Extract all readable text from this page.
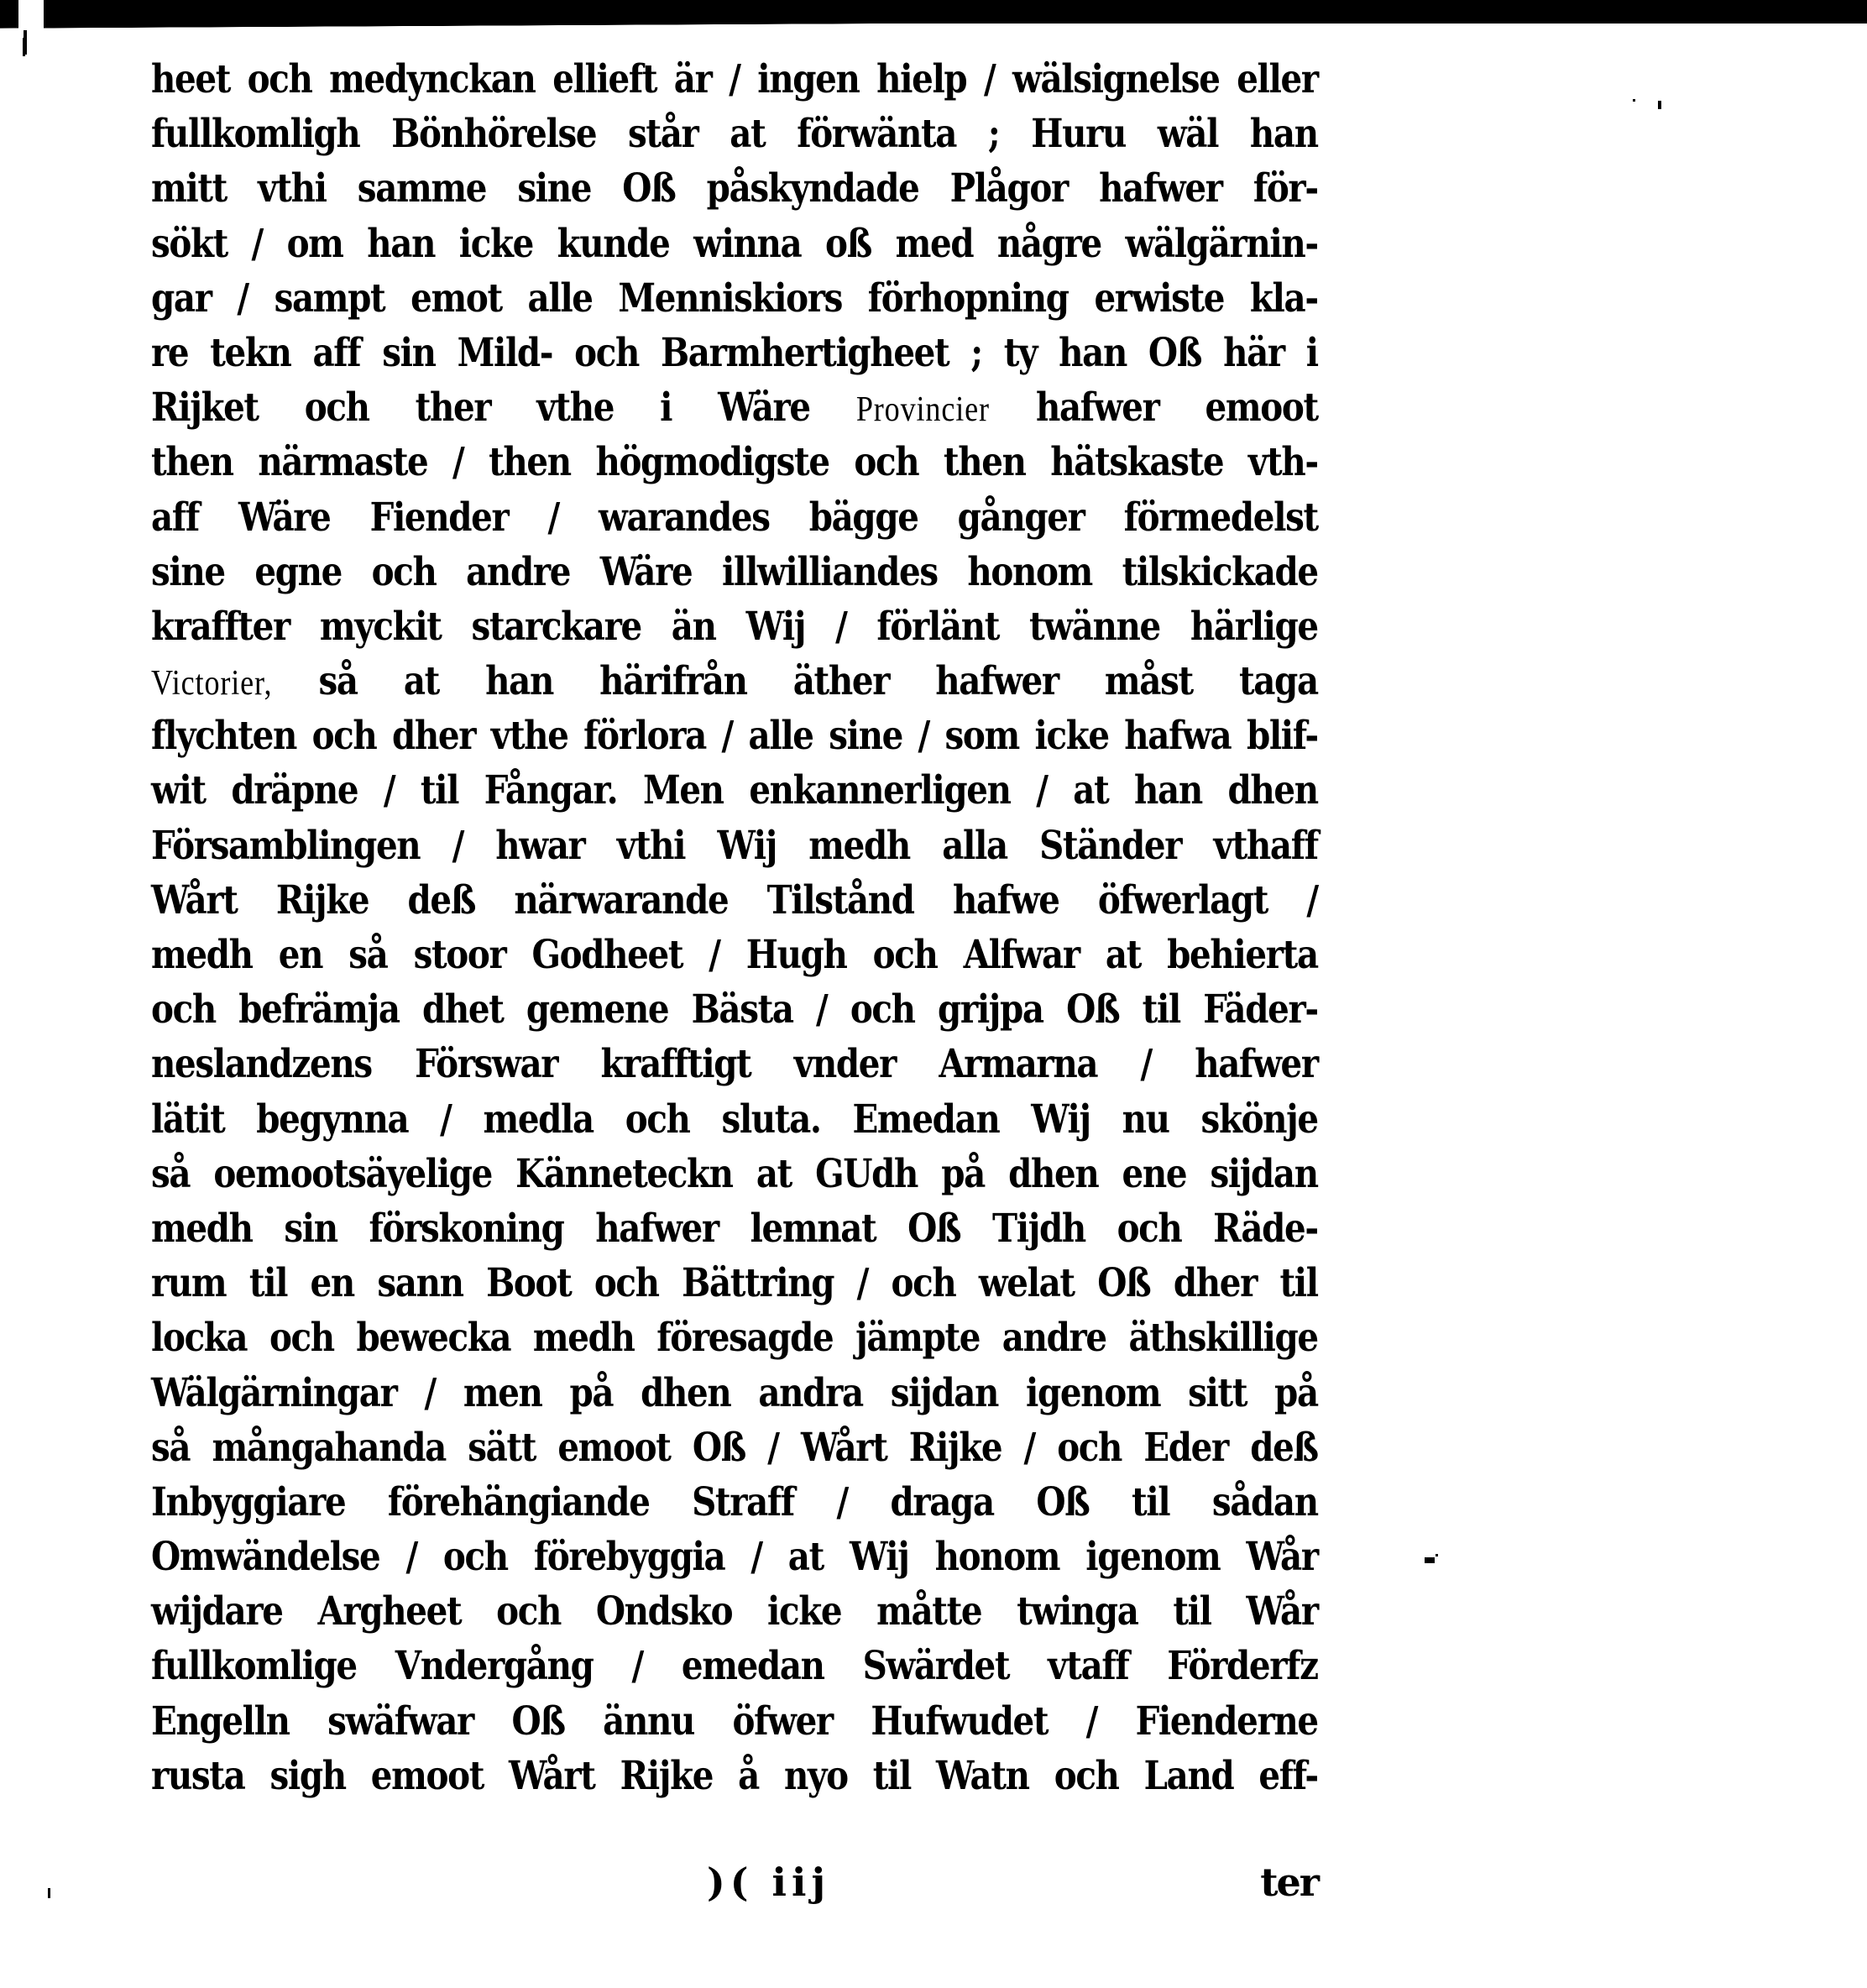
heet och medynckan ellieft är / ingen hielp / wälsignelse eller
fullkomligh Bönhörelse står at förwänta ; Huru wäl han
mitt vthi samme sine Oß påskyndade Plågor hafwer för-
sökt / om han icke kunde winna oß med någre wälgärnin-
gar / sampt emot alle Menniskiors förhopning erwiste kla-
re tekn aff sin Mild- och Barmhertigheet ; ty han Oß här i
Rijket och ther vthe i Wäre Provincier hafwer emoot
then närmaste / then högmodigste och then hätskaste vth-
aff Wäre Fiender / warandes bägge gånger förmedelst
sine egne och andre Wäre illwilliandes honom tilskickade
kraffter myckit starckare än Wij / förlänt twänne härlige
Victorier, så at han härifrån äther hafwer måst taga
flychten och dher vthe förlora / alle sine / som icke hafwa blif-
wit dräpne / til Fångar. Men enkannerligen / at han dhen
Församblingen / hwar vthi Wij medh alla Ständer vthaff
Wårt Rijke deß närwarande Tilstånd hafwe öfwerlagt /
medh en så stoor Godheet / Hugh och Alfwar at behierta
och befrämja dhet gemene Bästa / och grijpa Oß til Fäder-
neslandzens Förswar krafftigt vnder Armarna / hafwer
lätit begynna / medla och sluta. Emedan Wij nu skönje
så oemootsäyelige Känneteckn at GUdh på dhen ene sijdan
medh sin förskoning hafwer lemnat Oß Tijdh och Räde-
rum til en sann Boot och Bättring / och welat Oß dher til
locka och bewecka medh föresagde jämpte andre äthskillige
Wälgärningar / men på dhen andra sijdan igenom sitt på
så mångahanda sätt emoot Oß / Wårt Rijke / och Eder deß
Inbyggiare förehängiande Straff / draga Oß til sådan
Omwändelse / och förebyggia / at Wij honom igenom Wår
wijdare Argheet och Ondsko icke måtte twinga til Wår
fullkomlige Vndergång / emedan Swärdet vtaff Förderfz
Engelln swäfwar Oß ännu öfwer Hufwudet / Fienderne
rusta sigh emoot Wårt Rijke å nyo til Watn och Land eff-
)( iij	ter
